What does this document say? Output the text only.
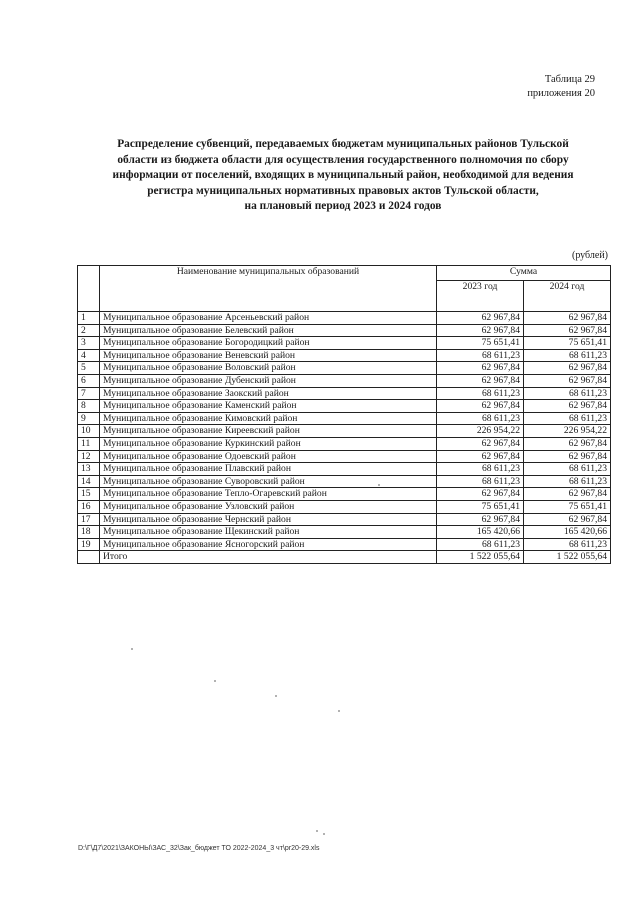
Таблица 29
приложения 20
Распределение субвенций, передаваемых бюджетам муниципальных районов Тульской
области из бюджета области для осуществления государственного полномочия по сбору
информации от поселений, входящих в муниципальный район, необходимой для ведения
регистра муниципальных нормативных правовых актов Тульской области,
на плановый период 2023 и 2024 годов
(рублей)
	Наименование муниципальных образований	Сумма	
		2023 год	2024 год
1	Муниципальное образование Арсеньевский район	62 967,84	62 967,84
2	Муниципальное образование Белевский район	62 967,84	62 967,84
3	Муниципальное образование Богородицкий район	75 651,41	75 651,41
4	Муниципальное образование Веневский район	68 611,23	68 611,23
5	Муниципальное образование Воловский район	62 967,84	62 967,84
6	Муниципальное образование Дубенский район	62 967,84	62 967,84
7	Муниципальное образование Заокский район	68 611,23	68 611,23
8	Муниципальное образование Каменский район	62 967,84	62 967,84
9	Муниципальное образование Кимовский район	68 611,23	68 611,23
10	Муниципальное образование Киреевский район	226 954,22	226 954,22
11	Муниципальное образование Куркинский район	62 967,84	62 967,84
12	Муниципальное образование Одоевский район	62 967,84	62 967,84
13	Муниципальное образование Плавский район	68 611,23	68 611,23
14	Муниципальное образование Суворовский район	68 611,23	68 611,23
15	Муниципальное образование Тепло-Огаревский район	62 967,84	62 967,84
16	Муниципальное образование Узловский район	75 651,41	75 651,41
17	Муниципальное образование Чернский район	62 967,84	62 967,84
18	Муниципальное образование Щекинский район	165 420,66	165 420,66
19	Муниципальное образование Ясногорский район	68 611,23	68 611,23
	Итого	1 522 055,64	1 522 055,64
D:\Г\Д7\2021\ЗАКОНЫ\ЗАС_32\Зак_бюджет ТО 2022-2024_3 чт\pr20-29.xls
